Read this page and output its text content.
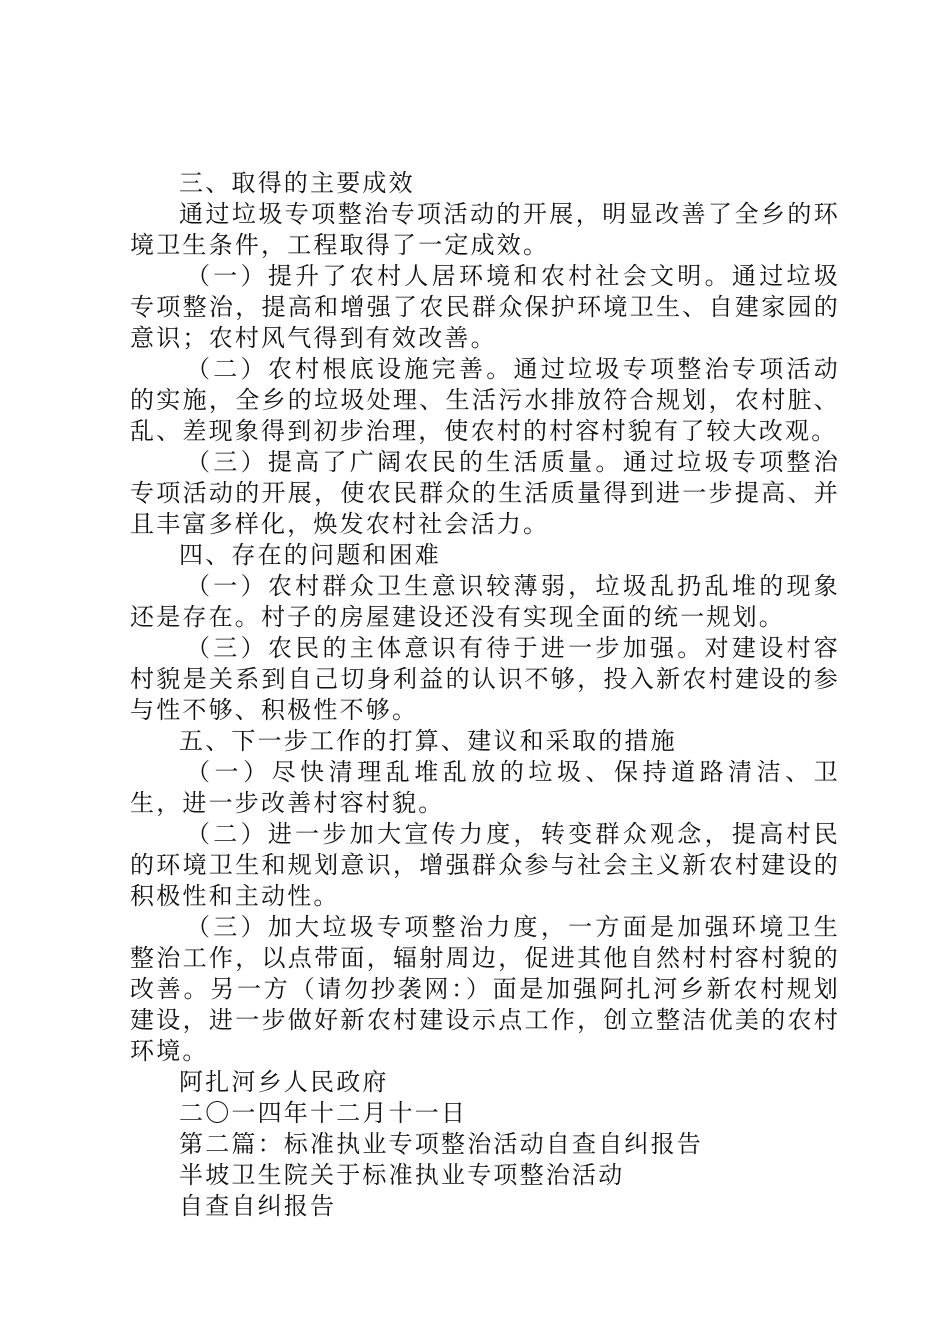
三、取得的主要成效

通过垃圾专项整治专项活动的开展，明显改善了全乡的环境卫生条件，工程取得了一定成效。

（一）提升了农村人居环境和农村社会文明。通过垃圾专项整治，提高和增强了农民群众保护环境卫生、自建家园的意识；农村风气得到有效改善。

（二）农村根底设施完善。通过垃圾专项整治专项活动的实施，全乡的垃圾处理、生活污水排放符合规划，农村脏、乱、差现象得到初步治理，使农村的村容村貌有了较大改观。

（三）提高了广阔农民的生活质量。通过垃圾专项整治专项活动的开展，使农民群众的生活质量得到进一步提高、并且丰富多样化，焕发农村社会活力。

四、存在的问题和困难

（一）农村群众卫生意识较薄弱，垃圾乱扔乱堆的现象还是存在。村子的房屋建设还没有实现全面的统一规划。

（三）农民的主体意识有待于进一步加强。对建设村容村貌是关系到自己切身利益的认识不够，投入新农村建设的参与性不够、积极性不够。

五、下一步工作的打算、建议和采取的措施

（一）尽快清理乱堆乱放的垃圾、保持道路清洁、卫生，进一步改善村容村貌。

（二）进一步加大宣传力度，转变群众观念，提高村民的环境卫生和规划意识，增强群众参与社会主义新农村建设的积极性和主动性。

（三）加大垃圾专项整治力度，一方面是加强环境卫生整治工作，以点带面，辐射周边，促进其他自然村村容村貌的改善。另一方（请勿抄袭网：）面是加强阿扎河乡新农村规划建设，进一步做好新农村建设示点工作，创立整洁优美的农村环境。

阿扎河乡人民政府

二〇一四年十二月十一日

第二篇：标准执业专项整治活动自查自纠报告

半坡卫生院关于标准执业专项整治活动

自查自纠报告
